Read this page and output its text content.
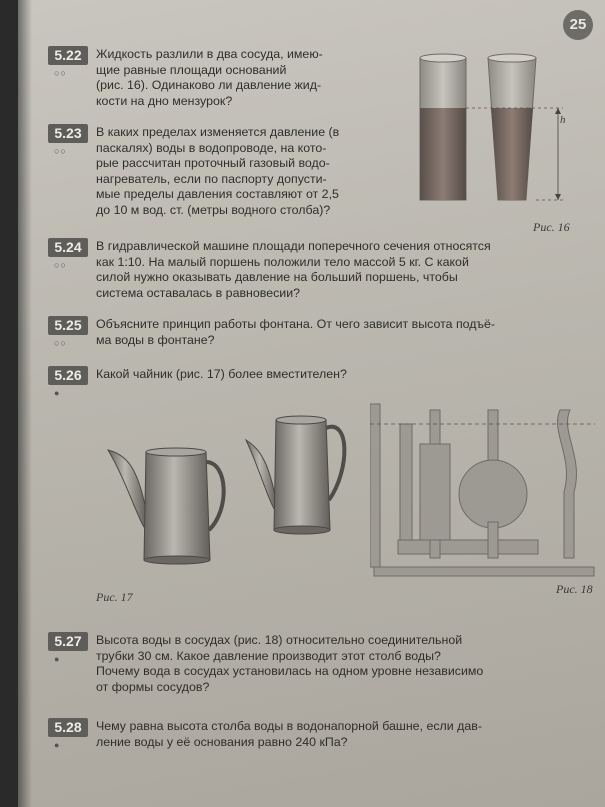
25
5.22
○○
Жидкость разлили в два сосуда, имею-
щие равные площади оснований
(рис. 16). Одинаково ли давление жид-
кости на дно мензурок?
5.23
○○
В каких пределах изменяется давление (в
паскалях) воды в водопроводе, на кото-
рые рассчитан проточный газовый водо-
нагреватель, если по паспорту допусти-
мые пределы давления составляют от 2,5
до 10 м вод. ст. (метры водного столба)?
h
Рис. 16
5.24
○○
В гидравлической машине площади поперечного сечения относятся
как 1:10. На малый поршень положили тело массой 5 кг. С какой
силой нужно оказывать давление на больший поршень, чтобы
система оставалась в равновесии?
5.25
○○
Объясните принцип работы фонтана. От чего зависит высота подъё-
ма воды в фонтане?
5.26
●
Какой чайник (рис. 17) более вместителен?
Рис. 17
Рис. 18
5.27
●
Высота воды в сосудах (рис. 18) относительно соединительной
трубки 30 см. Какое давление производит этот столб воды?
Почему вода в сосудах установилась на одном уровне независимо
от формы сосудов?
5.28
●
Чему равна высота столба воды в водонапорной башне, если дав-
ление воды у её основания равно 240 кПа?
